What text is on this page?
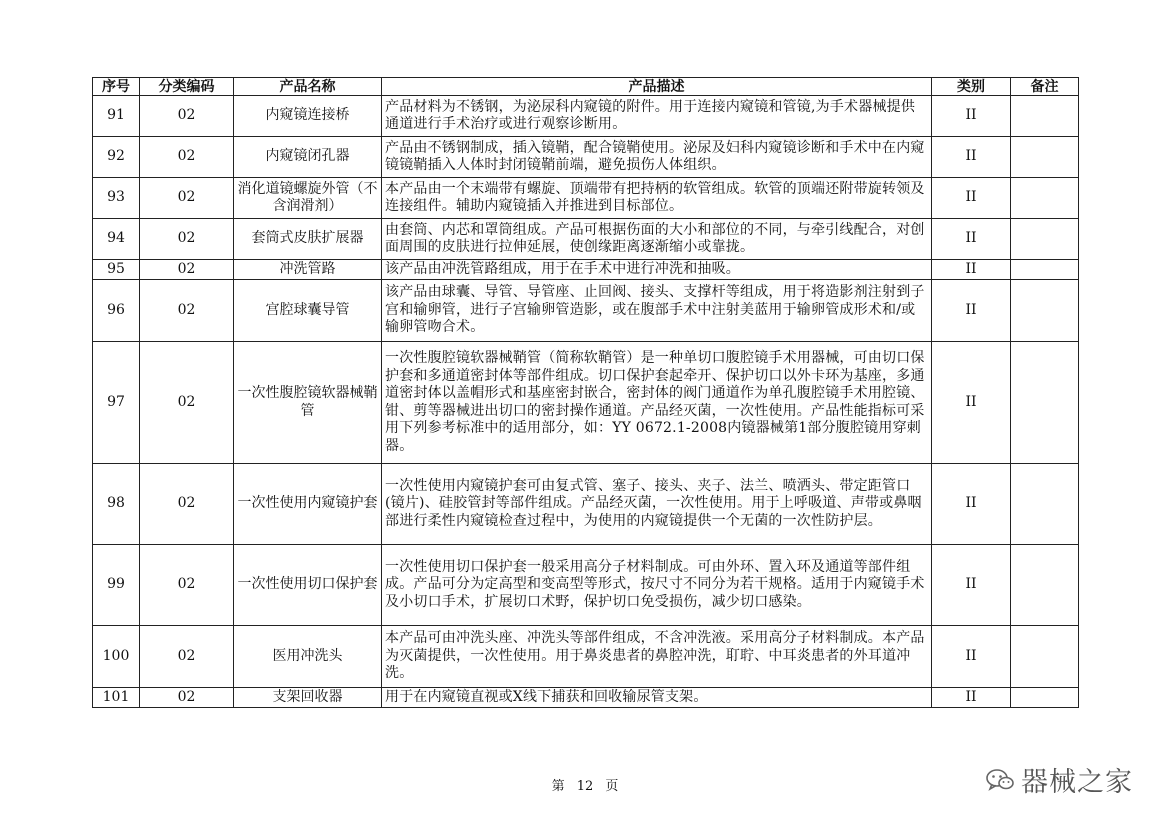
序号	分类编码	产品名称	产品描述	类别	备注
91	02	内窥镜连接桥	产品材料为不锈钢，为泌尿科内窥镜的附件。用于连接内窥镜和管镜,为手术器械提供通道进行手术治疗或进行观察诊断用。	II	
92	02	内窥镜闭孔器	产品由不锈钢制成，插入镜鞘，配合镜鞘使用。泌尿及妇科内窥镜诊断和手术中在内窥镜镜鞘插入人体时封闭镜鞘前端，避免损伤人体组织。	II	
93	02	消化道镜螺旋外管（不含润滑剂）	本产品由一个末端带有螺旋、顶端带有把持柄的软管组成。软管的顶端还附带旋转领及连接组件。辅助内窥镜插入并推进到目标部位。	II	
94	02	套筒式皮肤扩展器	由套筒、内芯和罩筒组成。产品可根据伤面的大小和部位的不同，与牵引线配合，对创面周围的皮肤进行拉伸延展，使创缘距离逐渐缩小或靠拢。	II	
95	02	冲洗管路	该产品由冲洗管路组成，用于在手术中进行冲洗和抽吸。	II	
96	02	宫腔球囊导管	该产品由球囊、导管、导管座、止回阀、接头、支撑杆等组成，用于将造影剂注射到子宫和输卵管，进行子宫输卵管造影，或在腹部手术中注射美蓝用于输卵管成形术和/或输卵管吻合术。	II	
97	02	一次性腹腔镜软器械鞘管	一次性腹腔镜软器械鞘管（简称软鞘管）是一种单切口腹腔镜手术用器械，可由切口保护套和多通道密封体等部件组成。切口保护套起牵开、保护切口以外卡环为基座，多通道密封体以盖帽形式和基座密封嵌合，密封体的阀门通道作为单孔腹腔镜手术用腔镜、钳、剪等器械进出切口的密封操作通道。产品经灭菌，一次性使用。产品性能指标可采用下列参考标准中的适用部分，如：YY 0672.1-2008内镜器械第1部分腹腔镜用穿刺器。	II	
98	02	一次性使用内窥镜护套	一次性使用内窥镜护套可由复式管、塞子、接头、夹子、法兰、喷洒头、带定距管口(镜片)、硅胶管封等部件组成。产品经灭菌，一次性使用。用于上呼吸道、声带或鼻咽部进行柔性内窥镜检查过程中，为使用的内窥镜提供一个无菌的一次性防护层。	II	
99	02	一次性使用切口保护套	一次性使用切口保护套一般采用高分子材料制成。可由外环、置入环及通道等部件组成。产品可分为定高型和变高型等形式，按尺寸不同分为若干规格。适用于内窥镜手术及小切口手术，扩展切口术野，保护切口免受损伤，减少切口感染。	II	
100	02	医用冲洗头	本产品可由冲洗头座、冲洗头等部件组成，不含冲洗液。采用高分子材料制成。本产品为灭菌提供，一次性使用。用于鼻炎患者的鼻腔冲洗，耵聍、中耳炎患者的外耳道冲洗。	II	
101	02	支架回收器	用于在内窥镜直视或X线下捕获和回收输尿管支架。	II	
第 12 页	器械之家
